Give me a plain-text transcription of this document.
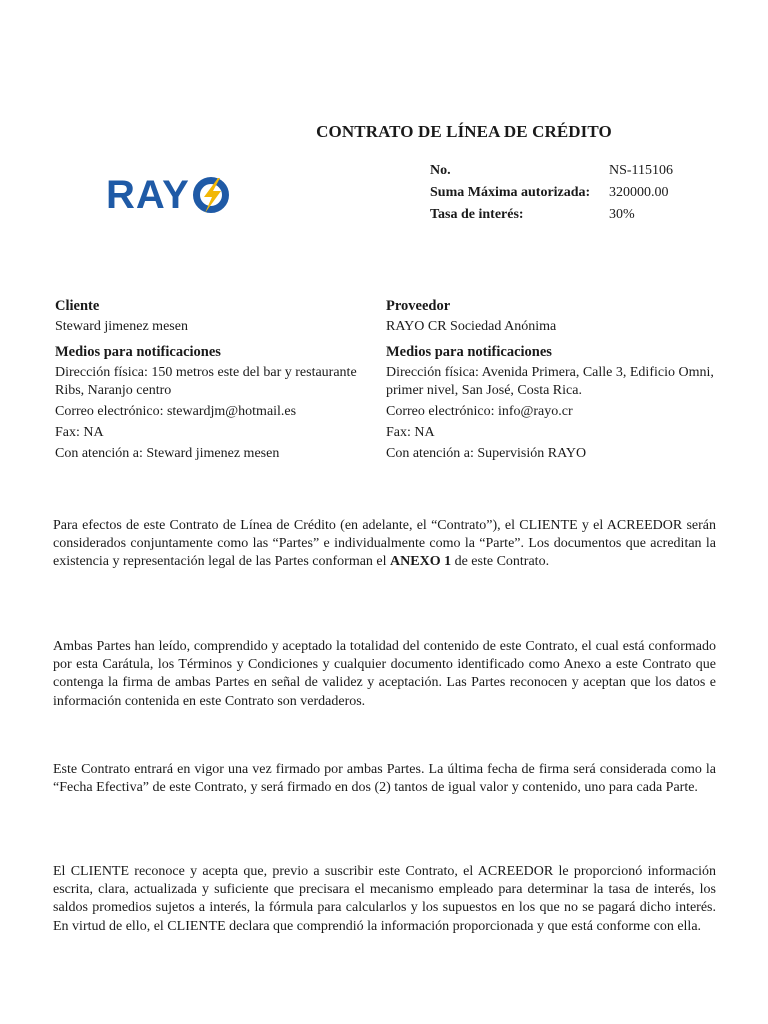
CONTRATO DE LÍNEA DE CRÉDITO
RAY
No.	NS-115106
Suma Máxima autorizada:	320000.00
Tasa de interés:	30%
Cliente
Steward jimenez mesen
Medios para notificaciones
Dirección física: 150 metros este del bar y restaurante Ribs, Naranjo centro
Correo electrónico: stewardjm@hotmail.es
Fax: NA
Con atención a: Steward jimenez mesen
Proveedor
RAYO CR Sociedad Anónima
Medios para notificaciones
Dirección física: Avenida Primera, Calle 3, Edificio Omni, primer nivel, San José, Costa Rica.
Correo electrónico: info@rayo.cr
Fax: NA
Con atención a: Supervisión RAYO
Para efectos de este Contrato de Línea de Crédito (en adelante, el “Contrato”), el CLIENTE y el ACREEDOR serán considerados conjuntamente como las “Partes” e individualmente como la “Parte”. Los documentos que acreditan la existencia y representación legal de las Partes conforman el ANEXO 1 de este Contrato.
Ambas Partes han leído, comprendido y aceptado la totalidad del contenido de este Contrato, el cual está conformado por esta Carátula, los Términos y Condiciones y cualquier documento identificado como Anexo a este Contrato que contenga la firma de ambas Partes en señal de validez y aceptación. Las Partes reconocen y aceptan que los datos e información contenida en este Contrato son verdaderos.
Este Contrato entrará en vigor una vez firmado por ambas Partes. La última fecha de firma será considerada como la “Fecha Efectiva” de este Contrato, y será firmado en dos (2) tantos de igual valor y contenido, uno para cada Parte.
El CLIENTE reconoce y acepta que, previo a suscribir este Contrato, el ACREEDOR le proporcionó información escrita, clara, actualizada y suficiente que precisara el mecanismo empleado para determinar la tasa de interés, los saldos promedios sujetos a interés, la fórmula para calcularlos y los supuestos en los que no se pagará dicho interés. En virtud de ello, el CLIENTE declara que comprendió la información proporcionada y que está conforme con ella.
